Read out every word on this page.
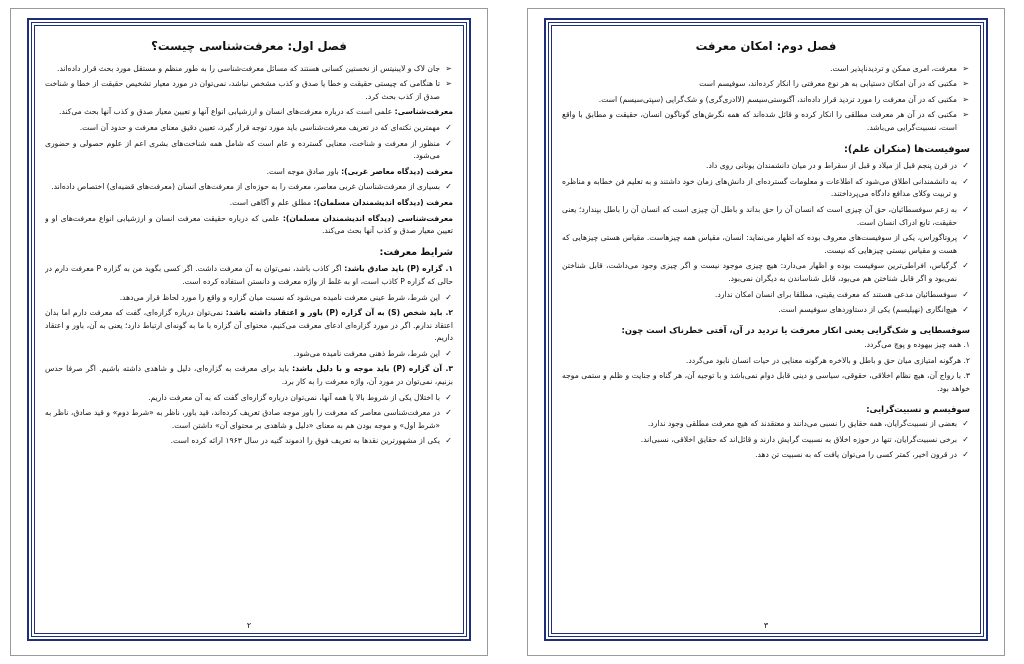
فصل اول: معرفت‌شناسی چیست؟
➢
جان لاک و لایبنیتس از نخستین کسانی هستند که مسائل معرفت‌شناسی را به طور منظم و مستقل مورد بحث قرار داده‌اند.
➢
تا هنگامی که چیستی حقیقت و خطا یا صدق و کذب مشخص نباشد، نمی‌توان در مورد معیار تشخیص حقیقت از خطا و شناخت صدق از کذب بحث کرد.

معرفت‌شناسی: علمی است که درباره معرفت‌های انسان و ارزشیابی انواع آنها و تعیین معیار صدق و کذب آنها بحث می‌کند.

✓
مهمترین نکته‌ای که در تعریف معرفت‌شناسی باید مورد توجه قرار گیرد، تعیین دقیق معنای معرفت و حدود آن است.
✓
منظور از معرفت و شناخت، معنایی گسترده و عام است که شامل همه شناخت‌های بشری اعم از علوم حصولی و حضوری می‌شود.

معرفت (دیدگاه معاصر غربی): باور صادق موجه است.

✓
بسیاری از معرفت‌شناسان غربی معاصر، معرفت را به حوزه‌ای از معرفت‌های انسان (معرفت‌های قضیه‌ای) اختصاص داده‌اند.

معرفت (دیدگاه اندیشمندان مسلمان): مطلق علم و آگاهی است.

معرفت‌شناسی (دیدگاه اندیشمندان مسلمان): علمی که درباره حقیقت معرفت انسان و ارزشیابی انواع معرفت‌های او و تعیین معیار صدق و کذب آنها بحث می‌کند.

شرایط معرفت:

۱. گزاره (P) باید صادق باشد: اگر کاذب باشد، نمی‌توان به آن معرفت داشت. اگر کسی بگوید من به گزاره P معرفت دارم در حالی که گزاره P کاذب است، او به غلط از واژه معرفت و دانستن استفاده کرده است.

✓
این شرط، شرط عینی معرفت نامیده می‌شود که نسبت میان گزاره و واقع را مورد لحاظ قرار می‌دهد.

۲. باید شخص (S) به آن گزاره (P) باور و اعتقاد داشته باشد: نمی‌توان درباره گزاره‌ای، گفت که معرفت دارم اما بدان اعتقاد ندارم. اگر در مورد گزاره‌ای ادعای معرفت می‌کنیم، محتوای آن گزاره با ما به گونه‌ای ارتباط دارد؛ یعنی به آن، باور و اعتقاد داریم.

✓
این شرط، شرط ذهنی معرفت نامیده می‌شود.

۳. آن گزاره (P) باید موجه و با دلیل باشد: باید برای معرفت به گزاره‌ای، دلیل و شاهدی داشته باشیم. اگر صرفا حدس بزنیم، نمی‌توان در مورد آن، واژه معرفت را به کار برد.

✓
با اختلال یکی از شروط بالا یا همه آنها، نمی‌توان درباره گزاره‌ای گفت که به آن معرفت داریم.
✓
در معرفت‌شناسی معاصر که معرفت را باور موجه صادق تعریف کرده‌اند، قید باور، ناظر به «شرط دوم» و قید صادق، ناظر به «شرط اول» و موجه بودن هم به معنای «دلیل و شاهدی بر محتوای آن» داشتن است.
✓
یکی از مشهورترین نقدها به تعریف فوق را ادموند گتیه در سال ۱۹۶۳ ارائه کرده است.
۲
فصل دوم: امکان معرفت
➢
معرفت، امری ممکن و تردیدناپذیر است.
➢
مکتبی که در آن امکان دستیابی به هر نوع معرفتی را انکار کرده‌اند، سوفیسم است
➢
مکتبی که در آن معرفت را مورد تردید قرار داده‌اند، آگنوستی‌سیسم (لاادری‌گری) و شک‌گرایی (سپتی‌سیسم) است.
➢
مکتبی که در آن هر معرفت مطلقی را انکار کرده و قائل شده‌اند که همه نگرش‌های گوناگون انسان، حقیقت و مطابق با واقع است، نسبیت‌گرایی می‌باشد.
سوفیست‌ها (منکران علم):
✓
در قرن پنجم قبل از میلاد و قبل از سقراط و در میان دانشمندان یونانی روی داد.
✓
به دانشمندانی اطلاق می‌شود که اطلاعات و معلومات گسترده‌ای از دانش‌های زمان خود داشتند و به تعلیم فن خطابه و مناظره و تربیت وکلای مدافع دادگاه می‌پرداختند.
✓
به زعم سوفسطائیان، حق آن چیزی است که انسان آن را حق بداند و باطل آن چیزی است که انسان آن را باطل بپندارد؛ یعنی حقیقت، تابع ادراک انسان است.
✓
پروتاگوراس، یکی از سوفیست‌های معروف بوده که اظهار می‌نماید: انسان، مقیاس همه چیزهاست. مقیاس هستی چیزهایی که هست و مقیاس نیستی چیزهایی که نیست.
✓
گرگیاس، افراطی‌ترین سوفیست بوده و اظهار می‌دارد: هیچ چیزی موجود نیست و اگر چیزی وجود می‌داشت، قابل شناختن نمی‌بود و اگر قابل شناختن هم می‌بود، قابل شناساندن به دیگران نمی‌بود.
✓
سوفسطائیان مدعی هستند که معرفت یقینی، مطلقا برای انسان امکان ندارد.
✓
هیچ‌انگاری (نهیلیسم) یکی از دستاوردهای سوفیسم است.
سوفسطایی و شک‌گرایی یعنی انکار معرفت یا تردید در آن، آفتی خطرناک است چون:

۱. همه چیز بیهوده و پوچ می‌گردد.

۲. هرگونه امتیازی میان حق و باطل و بالاخره هرگونه معنایی در حیات انسان نابود می‌گردد.

۳. با رواج آن، هیچ نظام اخلاقی، حقوقی، سیاسی و دینی قابل دوام نمی‌باشد و با توجیه آن، هر گناه و جنایت و ظلم و ستمی موجه خواهد بود.

سوفیسم و نسبیت‌گرایی:
✓
بعضی از نسبیت‌گرایان، همه حقایق را نسبی می‌دانند و معتقدند که هیچ معرفت مطلقی وجود ندارد.
✓
برخی نسبیت‌گرایان، تنها در حوزه اخلاق به نسبیت گرایش دارند و قائل‌اند که حقایق اخلاقی، نسبی‌اند.
✓
در قرون اخیر، کمتر کسی را می‌توان یافت که به نسبیت تن دهد.
۳
